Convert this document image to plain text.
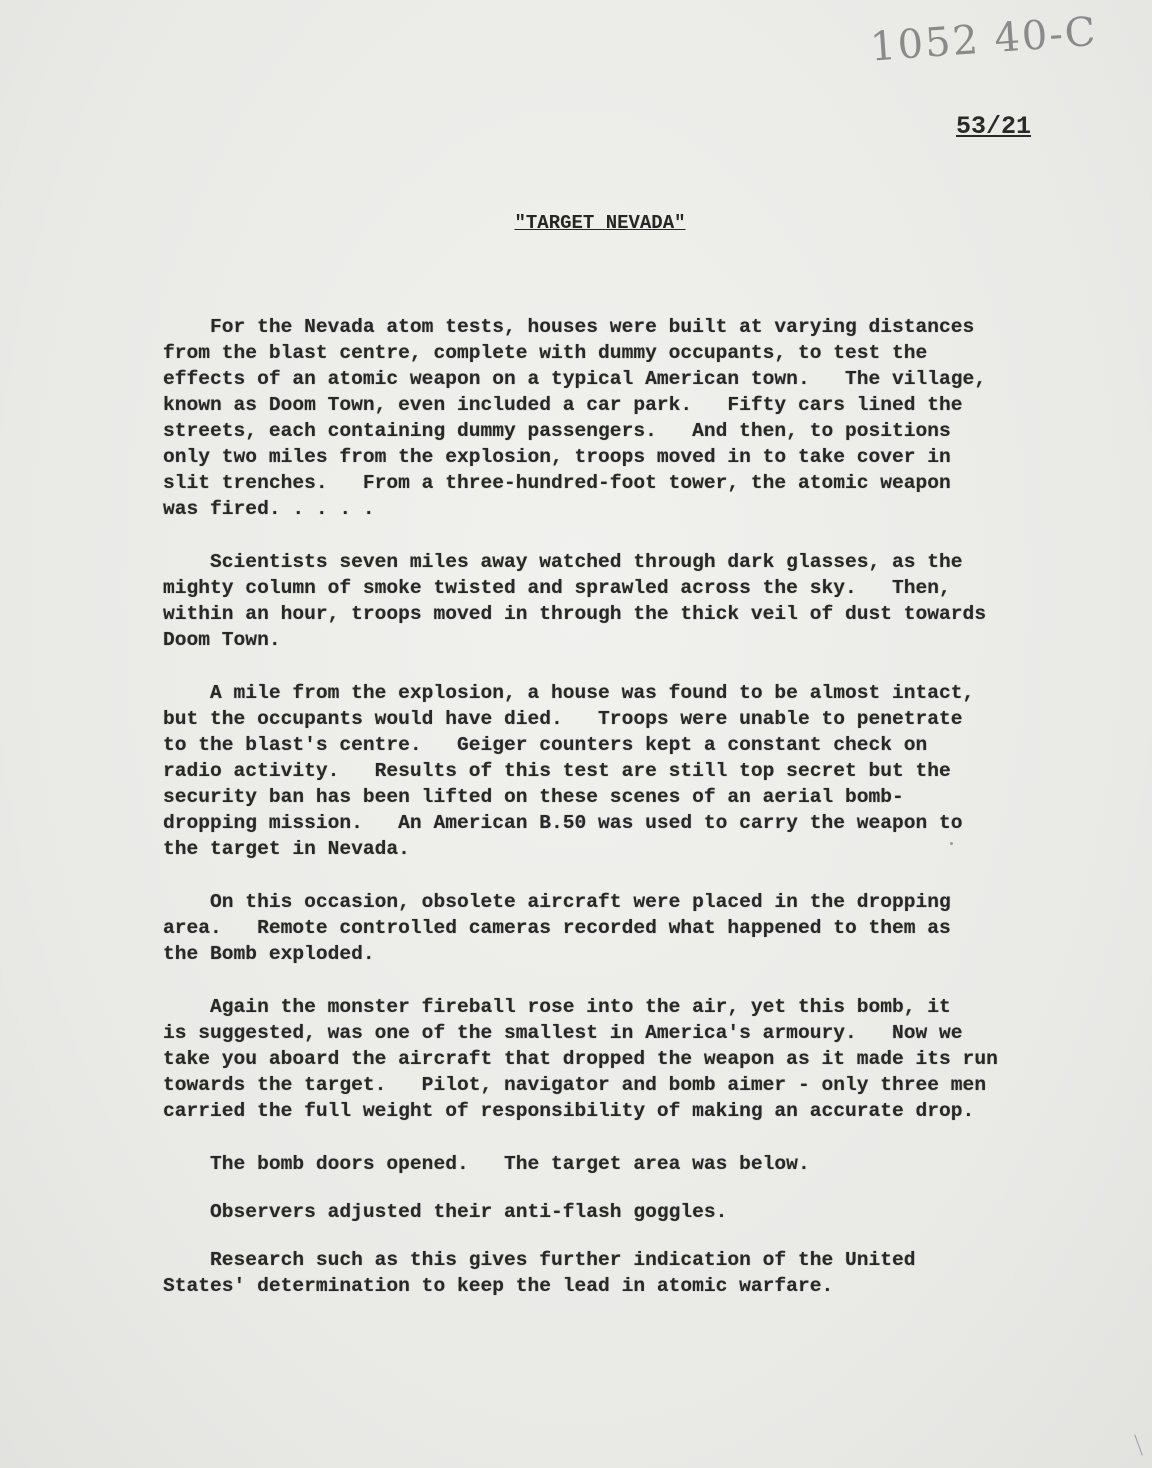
1052 40-C
53/21
"TARGET NEVADA"

For the Nevada atom tests, houses were built at varying distances
from the blast centre, complete with dummy occupants, to test the
effects of an atomic weapon on a typical American town.   The village,
known as Doom Town, even included a car park.   Fifty cars lined the
streets, each containing dummy passengers.   And then, to positions
only two miles from the explosion, troops moved in to take cover in
slit trenches.   From a three-hundred-foot tower, the atomic weapon
was fired. . . . .

Scientists seven miles away watched through dark glasses, as the
mighty column of smoke twisted and sprawled across the sky.   Then,
within an hour, troops moved in through the thick veil of dust towards
Doom Town.

A mile from the explosion, a house was found to be almost intact,
but the occupants would have died.   Troops were unable to penetrate
to the blast's centre.   Geiger counters kept a constant check on
radio activity.   Results of this test are still top secret but the
security ban has been lifted on these scenes of an aerial bomb-
dropping mission.   An American B.50 was used to carry the weapon to
the target in Nevada.

On this occasion, obsolete aircraft were placed in the dropping
area.   Remote controlled cameras recorded what happened to them as
the Bomb exploded.

Again the monster fireball rose into the air, yet this bomb, it
is suggested, was one of the smallest in America's armoury.   Now we
take you aboard the aircraft that dropped the weapon as it made its run
towards the target.   Pilot, navigator and bomb aimer - only three men
carried the full weight of responsibility of making an accurate drop.

The bomb doors opened.   The target area was below.

Observers adjusted their anti-flash goggles.

Research such as this gives further indication of the United
States' determination to keep the lead in atomic warfare.
